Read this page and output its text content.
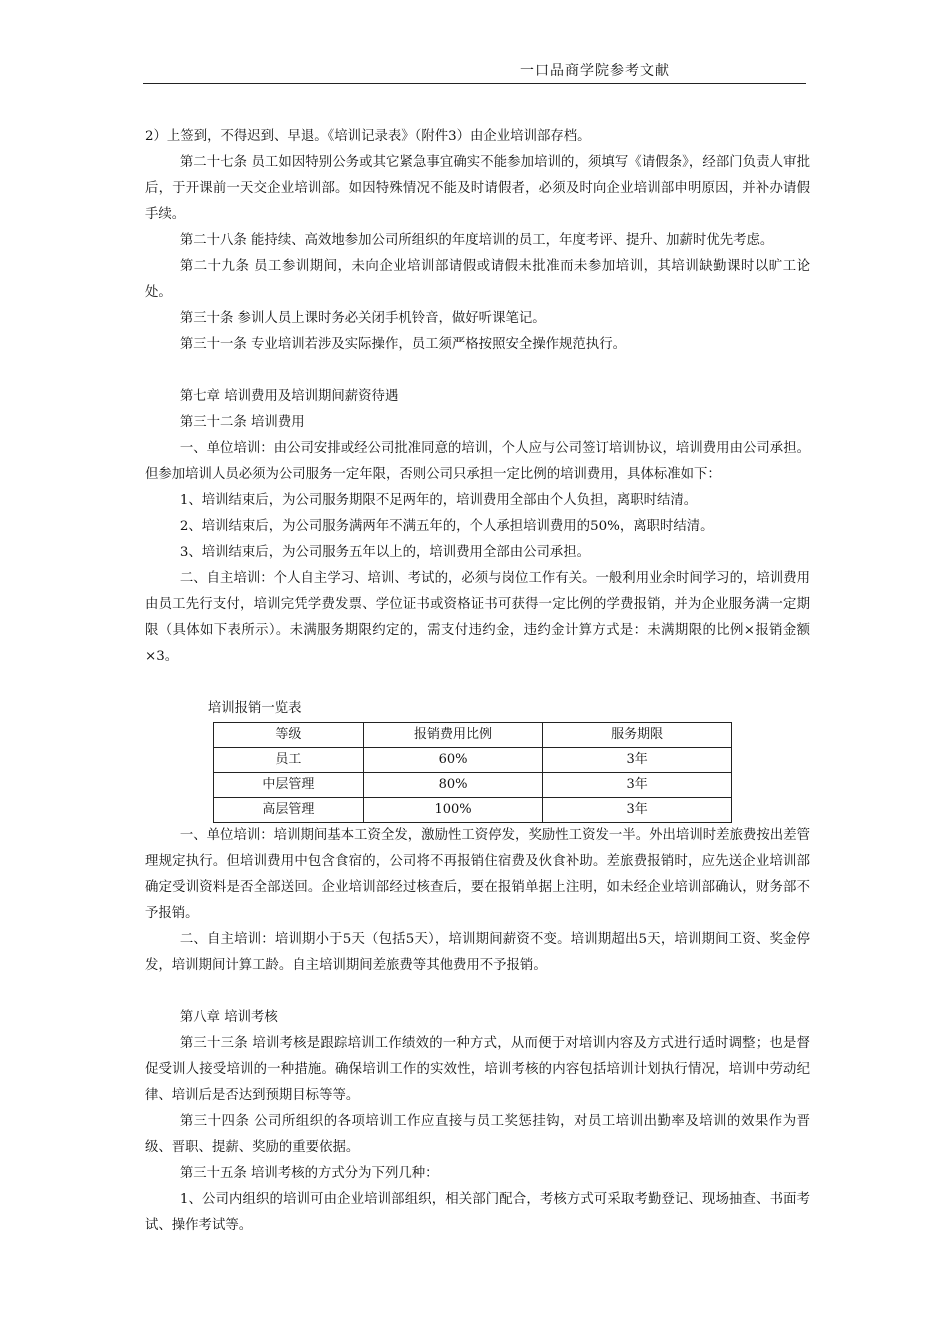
一口品商学院参考文献

2）上签到，不得迟到、早退。《培训记录表》（附件3）由企业培训部存档。

第二十七条 员工如因特别公务或其它紧急事宜确实不能参加培训的，须填写《请假条》，经部门负责人审批后，于开课前一天交企业培训部。如因特殊情况不能及时请假者，必须及时向企业培训部申明原因，并补办请假手续。

第二十八条 能持续、高效地参加公司所组织的年度培训的员工，年度考评、提升、加薪时优先考虑。

第二十九条 员工参训期间，未向企业培训部请假或请假未批准而未参加培训，其培训缺勤课时以旷工论处。

第三十条 参训人员上课时务必关闭手机铃音，做好听课笔记。

第三十一条 专业培训若涉及实际操作，员工须严格按照安全操作规范执行。

第七章 培训费用及培训期间薪资待遇

第三十二条 培训费用

一、单位培训：由公司安排或经公司批准同意的培训，个人应与公司签订培训协议，培训费用由公司承担。但参加培训人员必须为公司服务一定年限，否则公司只承担一定比例的培训费用，具体标准如下：

1、培训结束后，为公司服务期限不足两年的，培训费用全部由个人负担，离职时结清。

2、培训结束后，为公司服务满两年不满五年的，个人承担培训费用的50%，离职时结清。

3、培训结束后，为公司服务五年以上的，培训费用全部由公司承担。

二、自主培训：个人自主学习、培训、考试的，必须与岗位工作有关。一般利用业余时间学习的，培训费用由员工先行支付，培训完凭学费发票、学位证书或资格证书可获得一定比例的学费报销，并为企业服务满一定期限（具体如下表所示）。未满服务期限约定的，需支付违约金，违约金计算方式是：未满期限的比例×报销金额×3。

培训报销一览表

等级	报销费用比例	服务期限
员工	60%	3年
中层管理	80%	3年
高层管理	100%	3年

一、单位培训：培训期间基本工资全发，激励性工资停发，奖励性工资发一半。外出培训时差旅费按出差管理规定执行。但培训费用中包含食宿的，公司将不再报销住宿费及伙食补助。差旅费报销时，应先送企业培训部确定受训资料是否全部送回。企业培训部经过核查后，要在报销单据上注明，如未经企业培训部确认，财务部不予报销。

二、自主培训：培训期小于5天（包括5天），培训期间薪资不变。培训期超出5天，培训期间工资、奖金停发，培训期间计算工龄。自主培训期间差旅费等其他费用不予报销。

第八章 培训考核

第三十三条 培训考核是跟踪培训工作绩效的一种方式，从而便于对培训内容及方式进行适时调整；也是督促受训人接受培训的一种措施。确保培训工作的实效性，培训考核的内容包括培训计划执行情况，培训中劳动纪律、培训后是否达到预期目标等等。

第三十四条 公司所组织的各项培训工作应直接与员工奖惩挂钩，对员工培训出勤率及培训的效果作为晋级、晋职、提薪、奖励的重要依据。

第三十五条 培训考核的方式分为下列几种：

1、公司内组织的培训可由企业培训部组织，相关部门配合，考核方式可采取考勤登记、现场抽查、书面考试、操作考试等。
